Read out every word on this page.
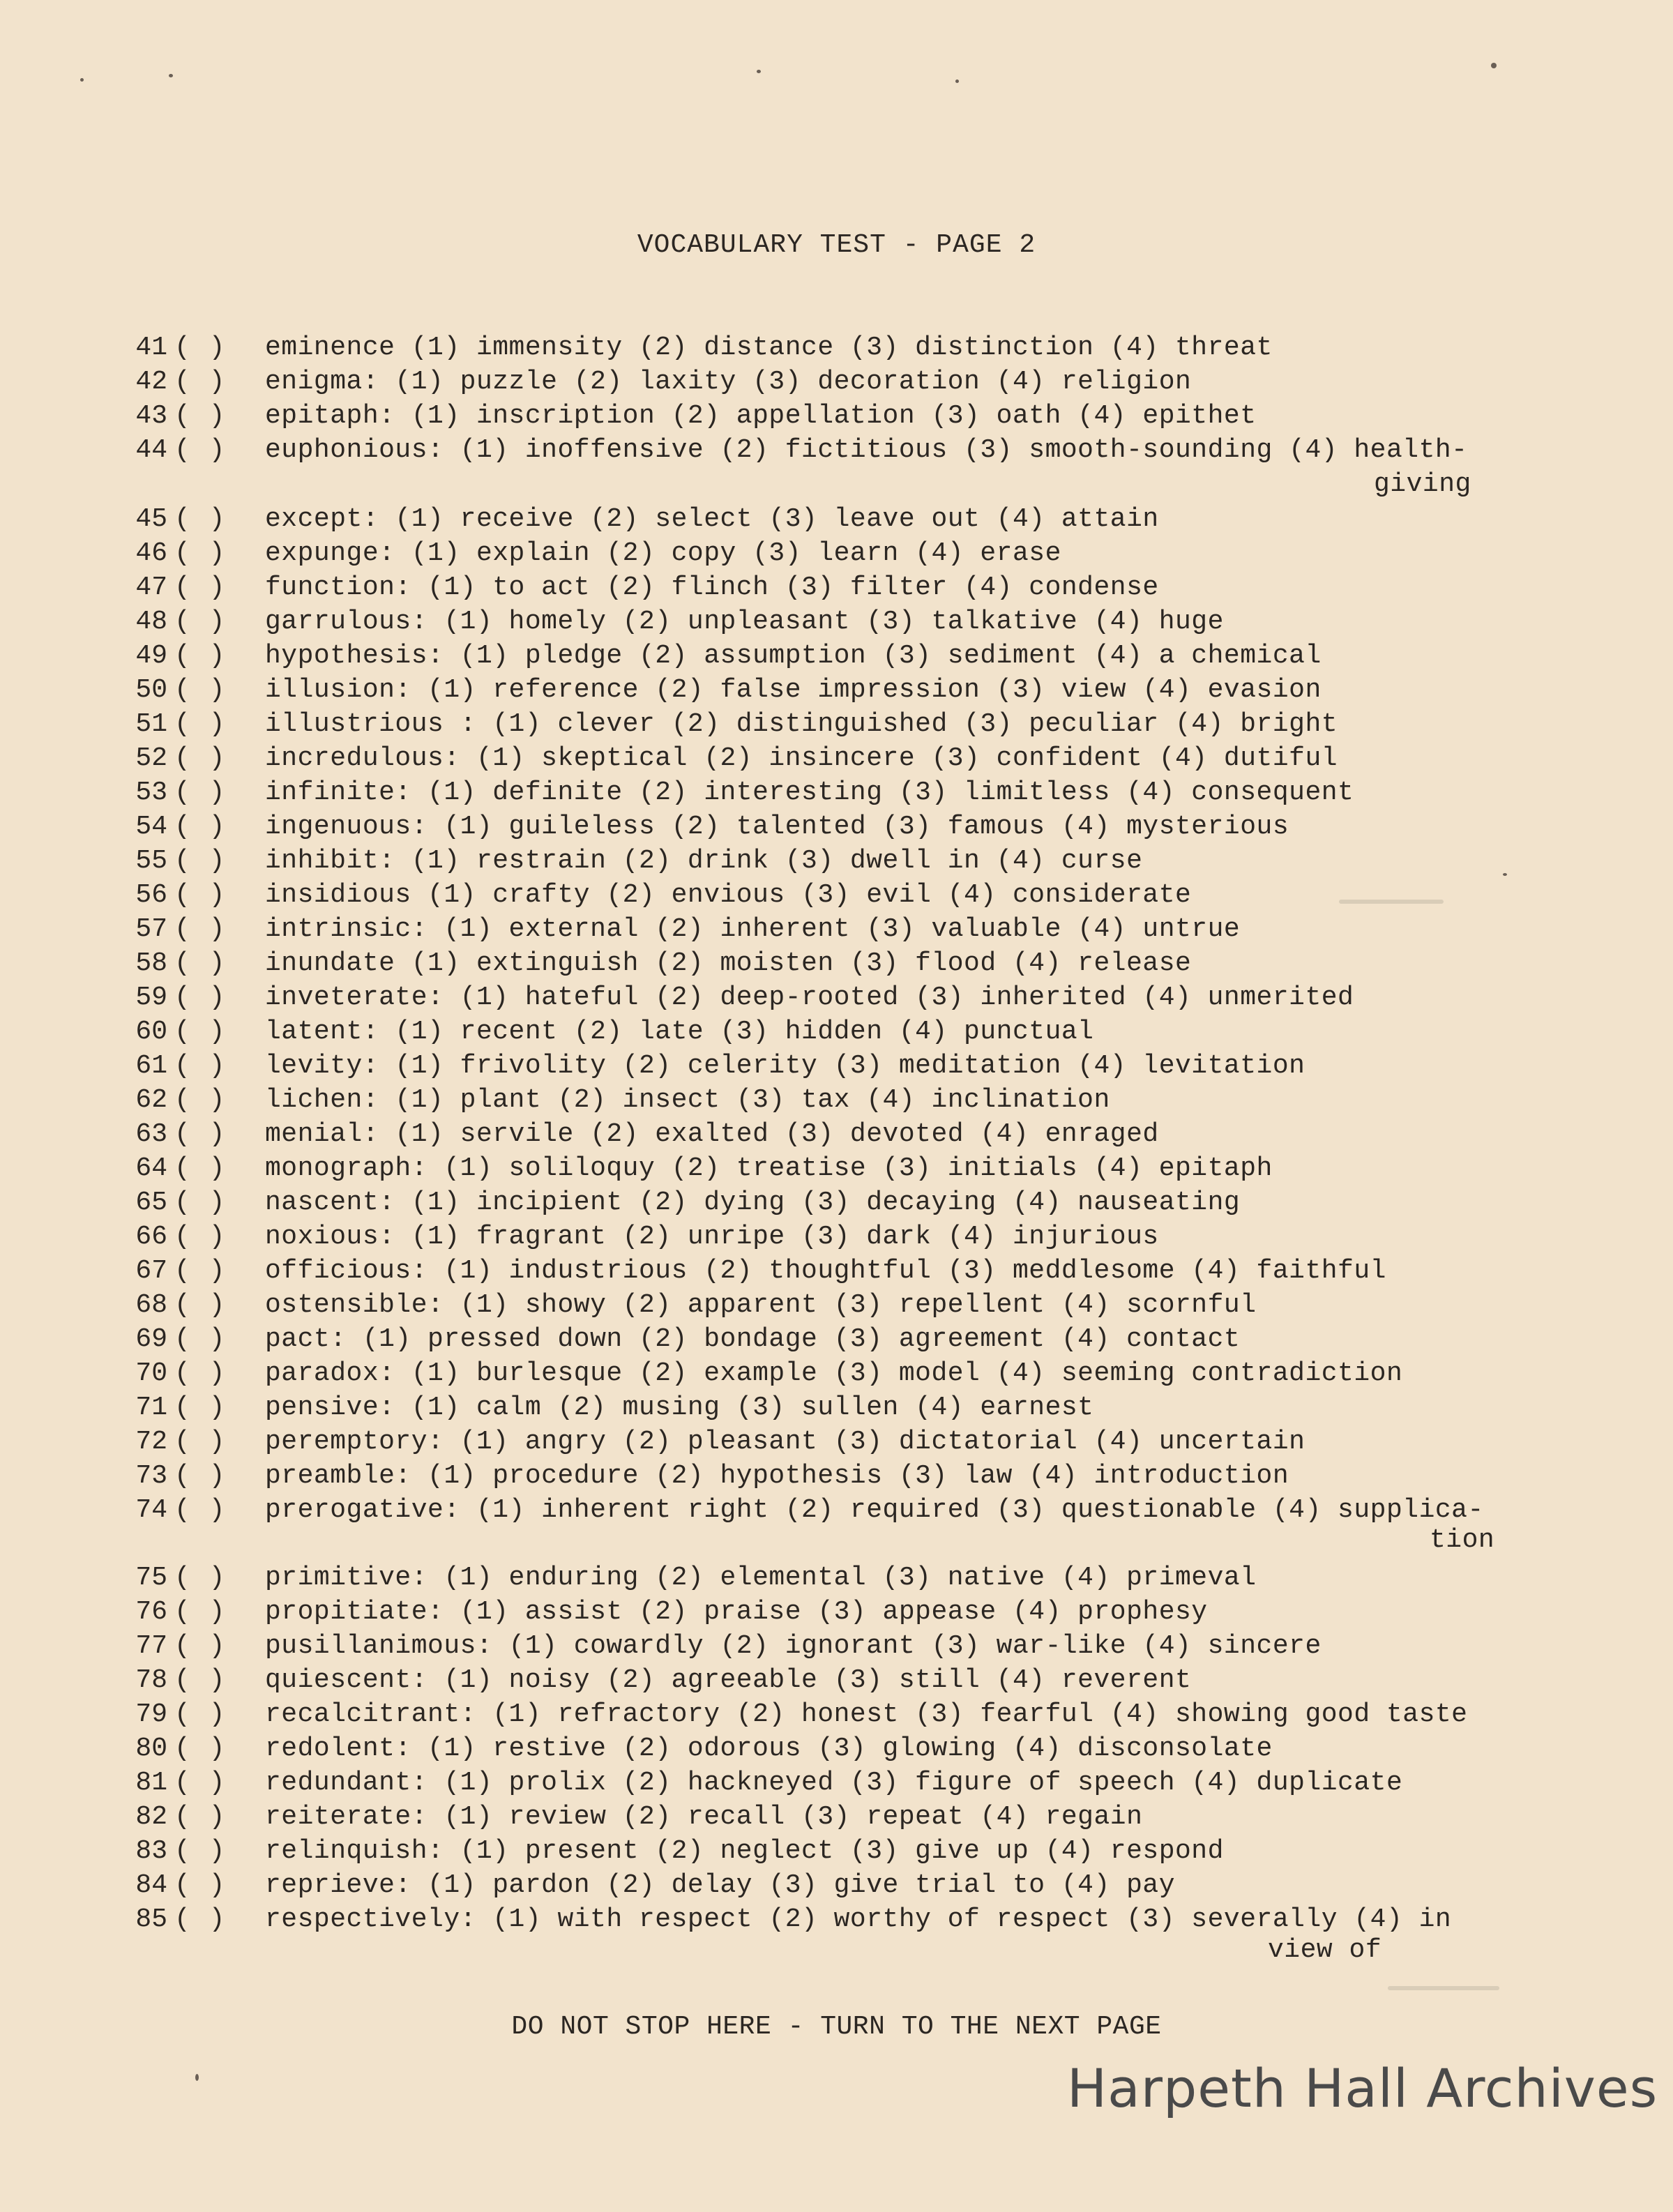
VOCABULARY TEST - PAGE 2
41 ( )	eminence (1) immensity (2) distance (3) distinction (4) threat
42 ( )	enigma: (1) puzzle (2) laxity (3) decoration (4) religion
43 ( )	epitaph: (1) inscription (2) appellation (3) oath (4) epithet
44 ( )	euphonious: (1) inoffensive (2) fictitious (3) smooth-sounding (4) health-
giving
45 ( )	except: (1) receive (2) select (3) leave out (4) attain
46 ( )	expunge: (1) explain (2) copy (3) learn (4) erase
47 ( )	function: (1) to act (2) flinch (3) filter (4) condense
48 ( )	garrulous: (1) homely (2) unpleasant (3) talkative (4) huge
49 ( )	hypothesis: (1) pledge (2) assumption (3) sediment (4) a chemical
50 ( )	illusion: (1) reference (2) false impression (3) view (4) evasion
51 ( )	illustrious : (1) clever (2) distinguished (3) peculiar (4) bright
52 ( )	incredulous: (1) skeptical (2) insincere (3) confident (4) dutiful
53 ( )	infinite: (1) definite (2) interesting (3) limitless (4) consequent
54 ( )	ingenuous: (1) guileless (2) talented (3) famous (4) mysterious
55 ( )	inhibit: (1) restrain (2) drink (3) dwell in (4) curse
56 ( )	insidious (1) crafty (2) envious (3) evil (4) considerate
57 ( )	intrinsic: (1) external (2) inherent (3) valuable (4) untrue
58 ( )	inundate (1) extinguish (2) moisten (3) flood (4) release
59 ( )	inveterate: (1) hateful (2) deep-rooted (3) inherited (4) unmerited
60 ( )	latent: (1) recent (2) late (3) hidden (4) punctual
61 ( )	levity: (1) frivolity (2) celerity (3) meditation (4) levitation
62 ( )	lichen: (1) plant (2) insect (3) tax (4) inclination
63 ( )	menial: (1) servile (2) exalted (3) devoted (4) enraged
64 ( )	monograph: (1) soliloquy (2) treatise (3) initials (4) epitaph
65 ( )	nascent: (1) incipient (2) dying (3) decaying (4) nauseating
66 ( )	noxious: (1) fragrant (2) unripe (3) dark (4) injurious
67 ( )	officious: (1) industrious (2) thoughtful (3) meddlesome (4) faithful
68 ( )	ostensible: (1) showy (2) apparent (3) repellent (4) scornful
69 ( )	pact: (1) pressed down (2) bondage (3) agreement (4) contact
70 ( )	paradox: (1) burlesque (2) example (3) model (4) seeming contradiction
71 ( )	pensive: (1) calm (2) musing (3) sullen (4) earnest
72 ( )	peremptory: (1) angry (2) pleasant (3) dictatorial (4) uncertain
73 ( )	preamble: (1) procedure (2) hypothesis (3) law (4) introduction
74 ( )	prerogative: (1) inherent right (2) required (3) questionable (4) supplica-
tion
75 ( )	primitive: (1) enduring (2) elemental (3) native (4) primeval
76 ( )	propitiate: (1) assist (2) praise (3) appease (4) prophesy
77 ( )	pusillanimous: (1) cowardly (2) ignorant (3) war-like (4) sincere
78 ( )	quiescent: (1) noisy (2) agreeable (3) still (4) reverent
79 ( )	recalcitrant: (1) refractory (2) honest (3) fearful (4) showing good taste
80 ( )	redolent: (1) restive (2) odorous (3) glowing (4) disconsolate
81 ( )	redundant: (1) prolix (2) hackneyed (3) figure of speech (4) duplicate
82 ( )	reiterate: (1) review (2) recall (3) repeat (4) regain
83 ( )	relinquish: (1) present (2) neglect (3) give up (4) respond
84 ( )	reprieve: (1) pardon (2) delay (3) give trial to (4) pay
85 ( )	respectively: (1) with respect (2) worthy of respect (3) severally (4) in
view of
DO NOT STOP HERE - TURN TO THE NEXT PAGE
Harpeth Hall Archives
